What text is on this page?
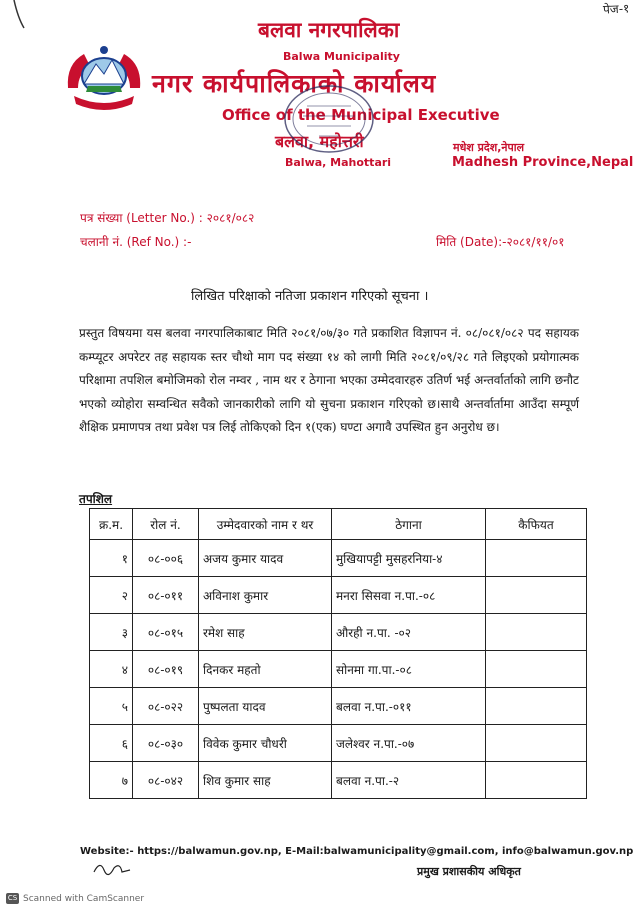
पेज-१
बलवा नगरपालिका
Balwa Municipality
नगर कार्यपालिकाको कार्यालय
Office of the Municipal Executive
बलवा, महोत्तरी
Balwa, Mahottari
मधेश प्रदेश,नेपाल
Madhesh Province,Nepal
पत्र संख्या (Letter No.) : २०८१/०८२
चलानी नं. (Ref No.) :-	मिति (Date):-२०८१/११/०१
लिखित परिक्षाको नतिजा प्रकाशन गरिएको सूचना ।
प्रस्तुत विषयमा यस बलवा नगरपालिकाबाट मिति २०८१/०७/३० गते प्रकाशित विज्ञापन नं. ०८/०८१/०८२ पद सहायक कम्प्यूटर अपरेटर तह सहायक स्तर चौथो माग पद संख्या १४ को लागी मिति २०८१/०९/२८ गते लिइएको प्रयोगात्मक परिक्षामा तपशिल बमोजिमको रोल नम्वर , नाम थर र ठेगाना भएका उम्मेदवारहरु उतिर्ण भई अन्तर्वार्ताको लागि छनौट भएको व्योहोरा सम्वन्धित सवैको जानकारीको लागि यो सुचना प्रकाशन गरिएको छ।साथै अन्तर्वार्तामा आउँदा सम्पूर्ण शैक्षिक प्रमाणपत्र तथा प्रवेश पत्र लिई तोकिएको दिन १(एक) घण्टा अगावै उपस्थित हुन अनुरोध छ।
तपशिल
क्र.म.	रोल नं.	उम्मेदवारको नाम र थर	ठेगाना	कैफियत
१	०८-००६	अजय कुमार यादव	मुखियापट्टी मुसहरनिया-४	
२	०८-०११	अविनाश कुमार	मनरा सिसवा न.पा.-०८	
३	०८-०१५	रमेश साह	औरही न.पा. -०२	
४	०८-०१९	दिनकर महतो	सोनमा गा.पा.-०८	
५	०८-०२२	पुष्पलता यादव	बलवा न.पा.-०११	
६	०८-०३०	विवेक कुमार चौधरी	जलेश्वर न.पा.-०७	
७	०८-०४२	शिव कुमार साह	बलवा न.पा.-२	
Website:- https://balwamun.gov.np, E-Mail:balwamunicipality@gmail.com, info@balwamun.gov.np
प्रमुख प्रशासकीय अधिकृत
CS Scanned with CamScanner
